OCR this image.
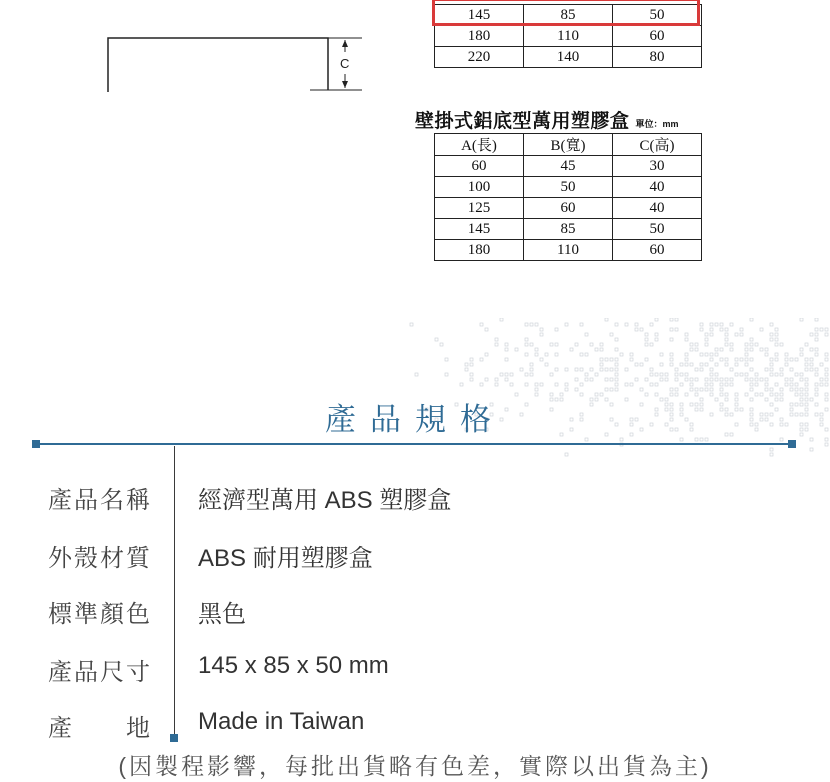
C
145	85	50
180	110	60
220	140	80
壁掛式鋁底型萬用塑膠盒 單位：mm
A(長)	B(寬)	C(高)
60	45	30
100	50	40
125	60	40
145	85	50
180	110	60
產品規格
產品名稱 經濟型萬用 ABS 塑膠盒
外殼材質 ABS 耐用塑膠盒
標準顏色 黑色
產品尺寸 145 x 85 x 50 mm
產　　地 Made in Taiwan
(因製程影響，每批出貨略有色差，實際以出貨為主)
